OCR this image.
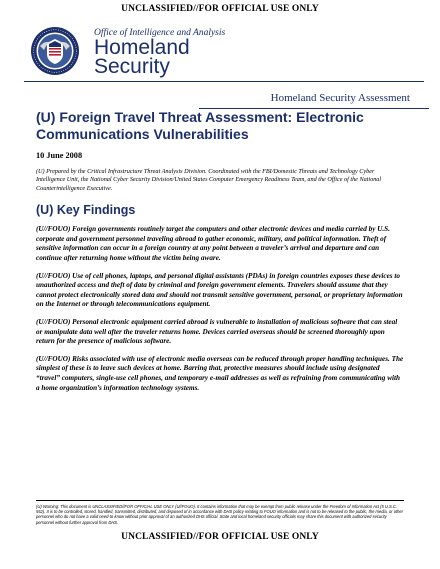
UNCLASSIFIED//FOR OFFICIAL USE ONLY
Office of Intelligence and Analysis
Homeland
Security
Homeland Security Assessment
(U) Foreign Travel Threat Assessment: Electronic Communications Vulnerabilities
10 June 2008
(U) Prepared by the Critical Infrastructure Threat Analysis Division. Coordinated with the FBI/Domestic Threats and Technology Cyber Intelligence Unit, the National Cyber Security Division/United States Computer Emergency Readiness Team, and the Office of the National Counterintelligence Executive.
(U) Key Findings
(U//FOUO) Foreign governments routinely target the computers and other electronic devices and media carried by U.S. corporate and government personnel traveling abroad to gather economic, military, and political information. Theft of sensitive information can occur in a foreign country at any point between a traveler’s arrival and departure and can continue after returning home without the victim being aware.
(U//FOUO) Use of cell phones, laptops, and personal digital assistants (PDAs) in foreign countries exposes these devices to unauthorized access and theft of data by criminal and foreign government elements. Travelers should assume that they cannot protect electronically stored data and should not transmit sensitive government, personal, or proprietary information on the Internet or through telecommunications equipment.
(U//FOUO) Personal electronic equipment carried abroad is vulnerable to installation of malicious software that can steal or manipulate data well after the traveler returns home. Devices carried overseas should be screened thoroughly upon return for the presence of malicious software.
(U//FOUO) Risks associated with use of electronic media overseas can be reduced through proper handling techniques. The simplest of these is to leave such devices at home. Barring that, protective measures should include using designated “travel” computers, single-use cell phones, and temporary e-mail addresses as well as refraining from communicating with a home organization’s information technology systems.
(U) Warning: This document is UNCLASSIFIED//FOR OFFICIAL USE ONLY (U//FOUO). It contains information that may be exempt from public release under the Freedom of Information Act (5 U.S.C. 552). It is to be controlled, stored, handled, transmitted, distributed, and disposed of in accordance with DHS policy relating to FOUO information and is not to be released to the public, the media, or other personnel who do not have a valid need-to-know without prior approval of an authorized DHS official. State and local homeland security officials may share this document with authorized security personnel without further approval from DHS.
UNCLASSIFIED//FOR OFFICIAL USE ONLY
